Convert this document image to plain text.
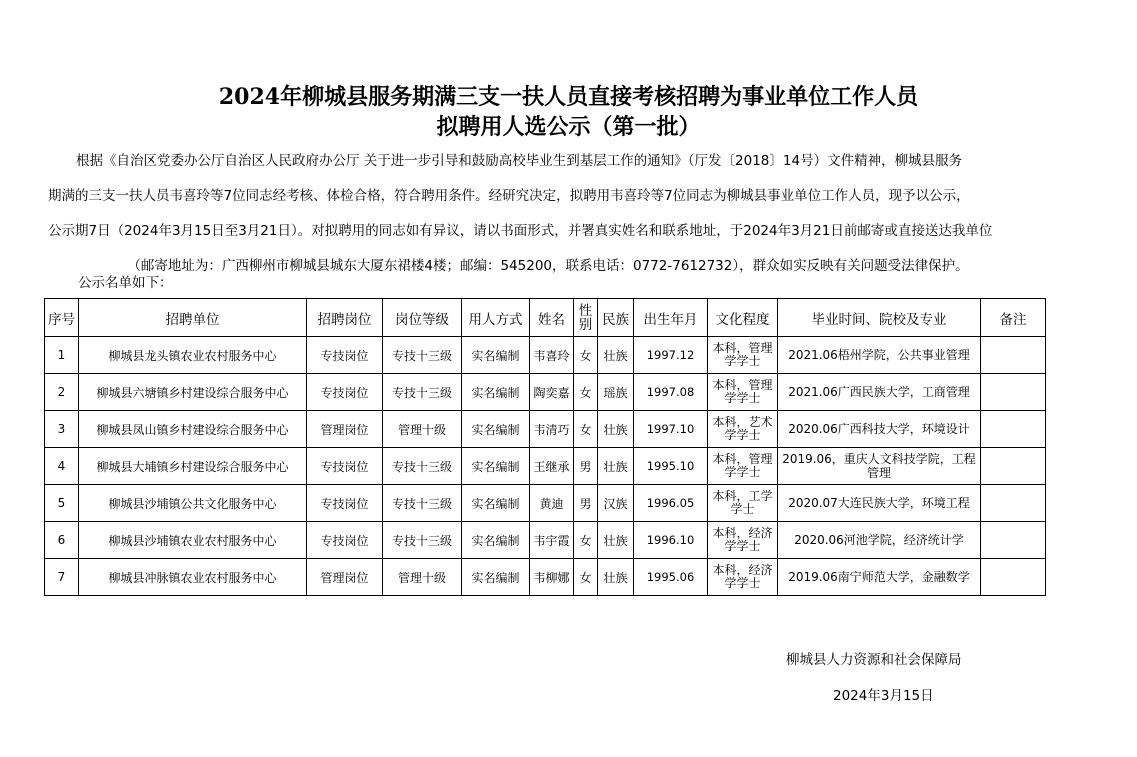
2024年柳城县服务期满三支一扶人员直接考核招聘为事业单位工作人员
拟聘用人选公示（第一批）
根据《自治区党委办公厅自治区人民政府办公厅 关于进一步引导和鼓励高校毕业生到基层工作的通知》（厅发〔2018〕14号）文件精神，柳城县服务
期满的三支一扶人员韦喜玲等7位同志经考核、体检合格，符合聘用条件。经研究决定，拟聘用韦喜玲等7位同志为柳城县事业单位工作人员，现予以公示，
公示期7日（2024年3月15日至3月21日）。对拟聘用的同志如有异议，请以书面形式，并署真实姓名和联系地址，于2024年3月21日前邮寄或直接送达我单位
（邮寄地址为：广西柳州市柳城县城东大厦东裙楼4楼；邮编：545200，联系电话：0772-7612732），群众如实反映有关问题受法律保护。
公示名单如下：
序号	招聘单位	招聘岗位	岗位等级	用人方式	姓名	性别	民族	出生年月	文化程度	毕业时间、院校及专业	备注
1	柳城县龙头镇农业农村服务中心	专技岗位	专技十三级	实名编制	韦喜玲	女	壮族	1997.12	本科，管理学学士	2021.06梧州学院，公共事业管理	
2	柳城县六塘镇乡村建设综合服务中心	专技岗位	专技十三级	实名编制	陶奕嘉	女	瑶族	1997.08	本科，管理学学士	2021.06广西民族大学，工商管理	
3	柳城县凤山镇乡村建设综合服务中心	管理岗位	管理十级	实名编制	韦清巧	女	壮族	1997.10	本科，艺术学学士	2020.06广西科技大学，环境设计	
4	柳城县大埔镇乡村建设综合服务中心	专技岗位	专技十三级	实名编制	王继承	男	壮族	1995.10	本科，管理学学士	2019.06，重庆人文科技学院，工程管理	
5	柳城县沙埔镇公共文化服务中心	专技岗位	专技十三级	实名编制	黄迪	男	汉族	1996.05	本科，工学学士	2020.07大连民族大学，环境工程	
6	柳城县沙埔镇农业农村服务中心	专技岗位	专技十三级	实名编制	韦宇霞	女	壮族	1996.10	本科，经济学学士	2020.06河池学院，经济统计学	
7	柳城县冲脉镇农业农村服务中心	管理岗位	管理十级	实名编制	韦柳娜	女	壮族	1995.06	本科，经济学学士	2019.06南宁师范大学，金融数学	
柳城县人力资源和社会保障局
2024年3月15日
